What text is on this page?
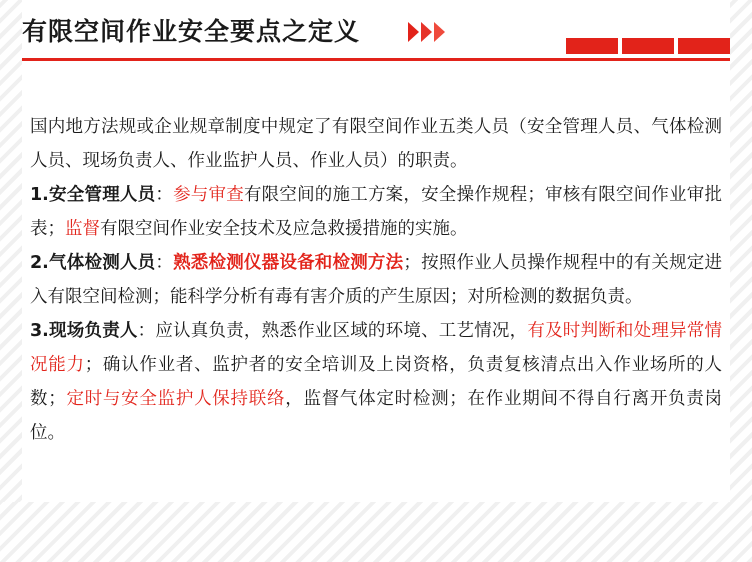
有限空间作业安全要点之定义

国内地方法规或企业规章制度中规定了有限空间作业五类人员（安全管理人员、气体检测人员、现场负责人、作业监护人员、作业人员）的职责。

1.安全管理人员：参与审查有限空间的施工方案，安全操作规程；审核有限空间作业审批表；监督有限空间作业安全技术及应急救援措施的实施。

2.气体检测人员：熟悉检测仪器设备和检测方法；按照作业人员操作规程中的有关规定进入有限空间检测；能科学分析有毒有害介质的产生原因；对所检测的数据负责。

3.现场负责人：应认真负责，熟悉作业区域的环境、工艺情况，有及时判断和处理异常情况能力；确认作业者、监护者的安全培训及上岗资格，负责复核清点出入作业场所的人数；定时与安全监护人保持联络，监督气体定时检测；在作业期间不得自行离开负责岗位。
